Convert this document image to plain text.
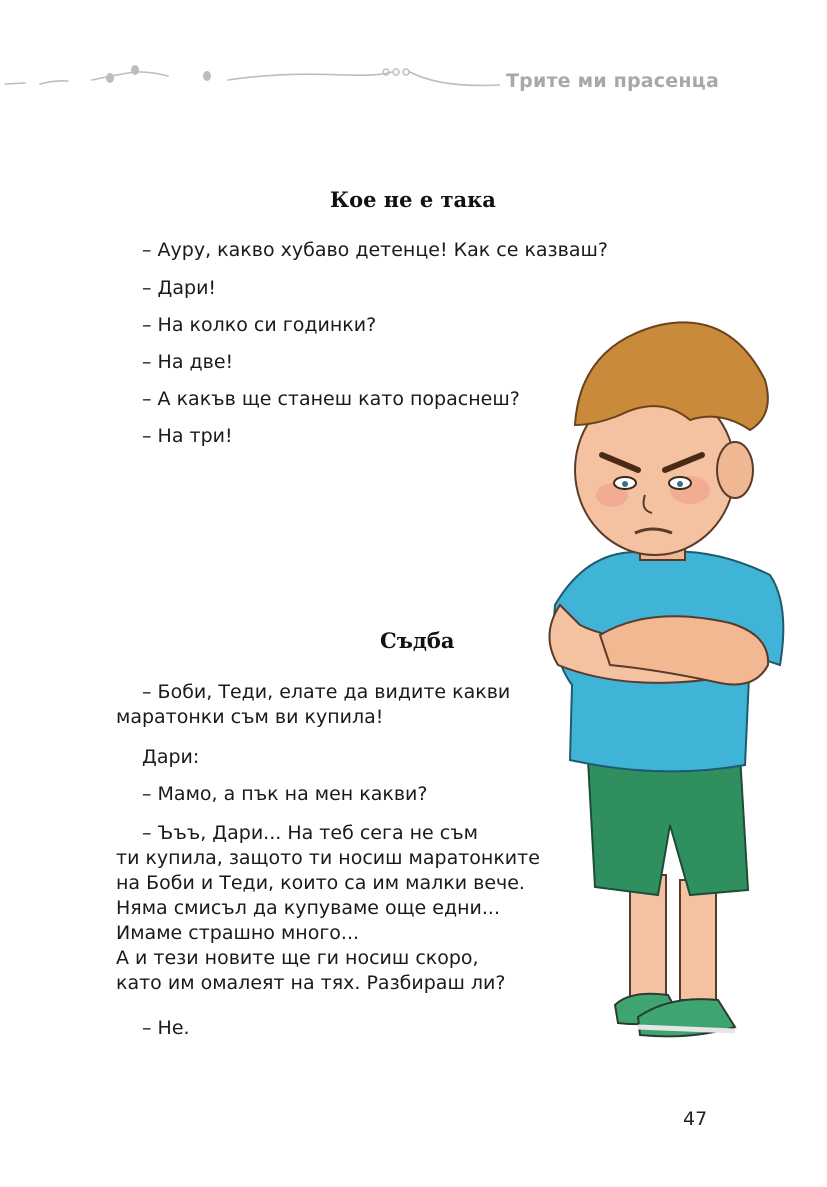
Трите ми прасенца
Кое не е така

– Ауру, какво хубаво детенце! Как се казваш?

– Дари!

– На колко си годинки?

– На две!

– А какъв ще станеш като пораснеш?

– На три!

Съдба

– Боби, Теди, елате да видите какви
маратонки съм ви купила!

Дари:

– Мамо, а пък на мен какви?

– Ъъъ, Дари... На теб сега не съм
ти купила, защото ти носиш маратонките
на Боби и Теди, които са им малки вече.
Няма смисъл да купуваме още едни...
Имаме страшно много...
А и тези новите ще ги носиш скоро,
като им омалеят на тях. Разбираш ли?

– Не.

47
